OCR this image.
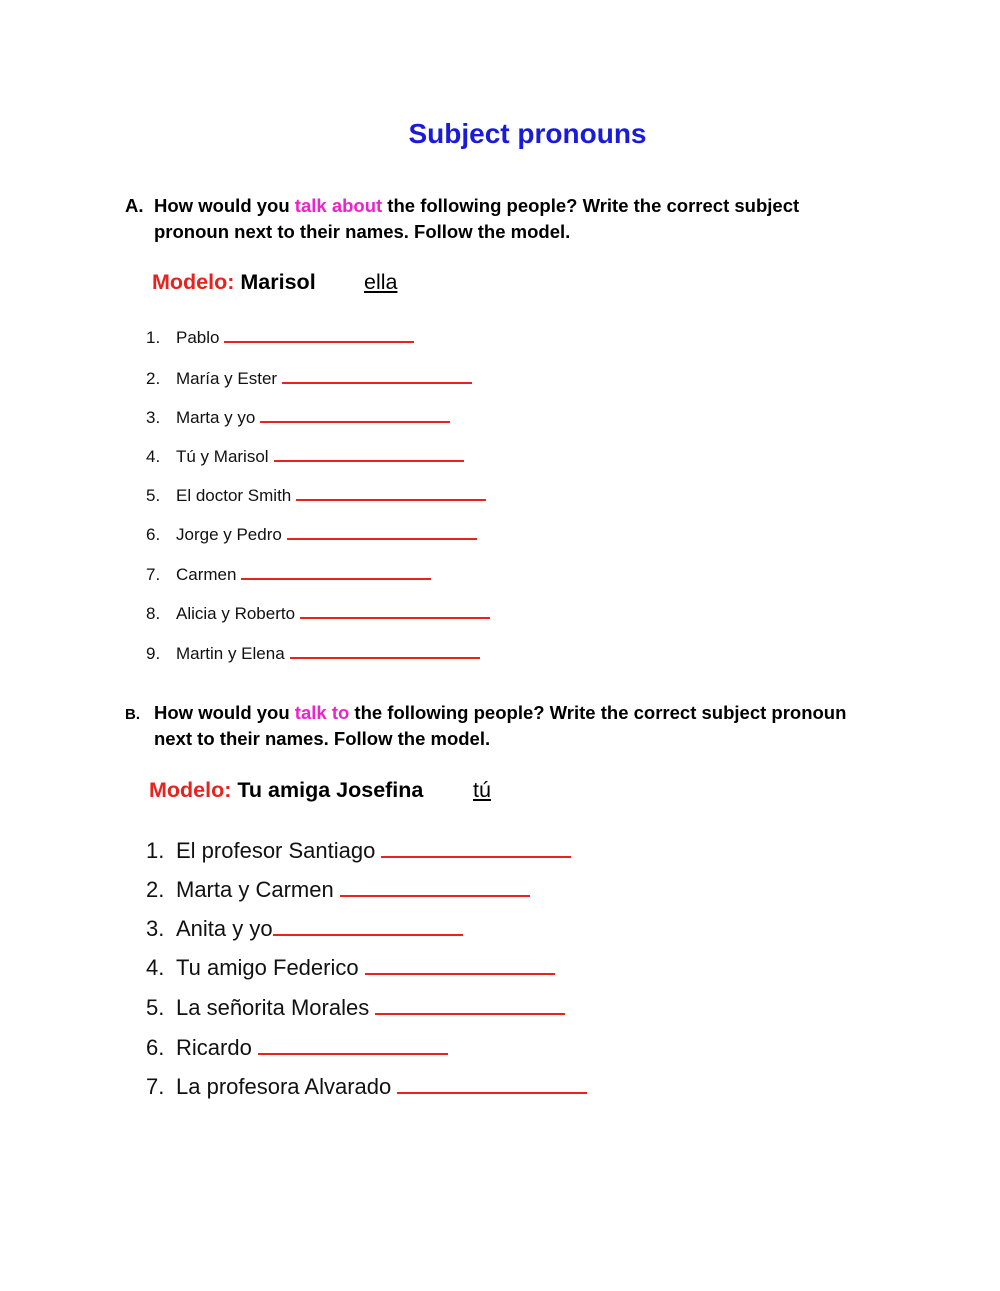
Subject pronouns
A. How would you talk about the following people? Write the correct subject pronoun next to their names. Follow the model.
Modelo: Marisol ella
1. Pablo
2. María y Ester
3. Marta y yo
4. Tú y Marisol
5. El doctor Smith
6. Jorge y Pedro
7. Carmen
8. Alicia y Roberto
9. Martin y Elena
B. How would you talk to the following people? Write the correct subject pronoun next to their names. Follow the model.
Modelo: Tu amiga Josefina tú
1. El profesor Santiago
2. Marta y Carmen
3. Anita y yo
4. Tu amigo Federico
5. La señorita Morales
6. Ricardo
7. La profesora Alvarado
